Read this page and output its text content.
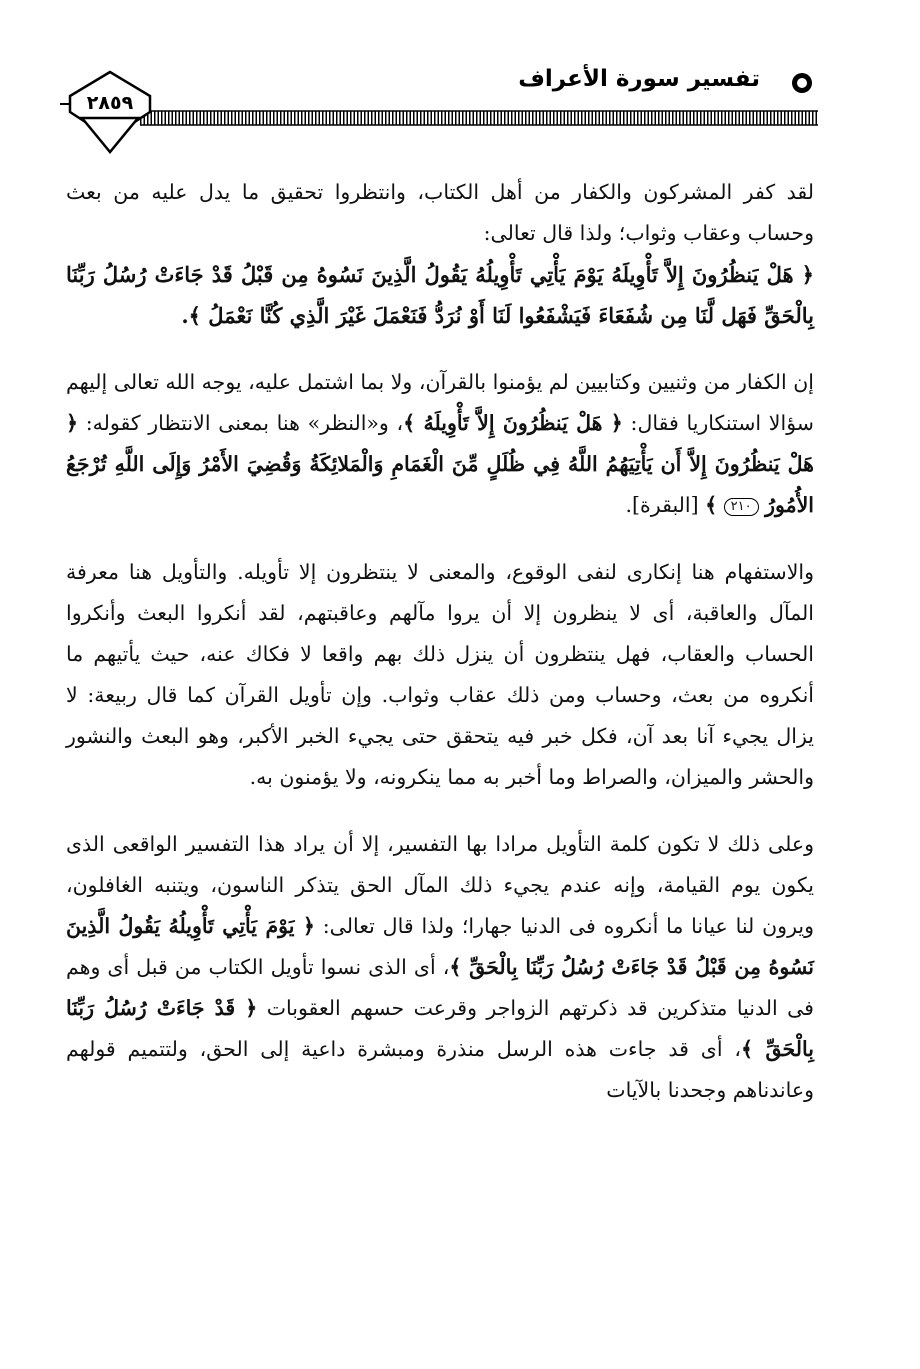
تفسير سورة الأعراف
٢٨٥٩

لقد كفر المشركون والكفار من أهل الكتاب، وانتظروا تحقيق ما يدل عليه من بعث وحساب وعقاب وثواب؛ ولذا قال تعالى:

﴿ هَلْ يَنظُرُونَ إِلاَّ تَأْوِيلَهُ يَوْمَ يَأْتِي تَأْوِيلُهُ يَقُولُ الَّذِينَ نَسُوهُ مِن قَبْلُ قَدْ جَاءَتْ رُسُلُ رَبِّنَا بِالْحَقِّ فَهَل لَّنَا مِن شُفَعَاءَ فَيَشْفَعُوا لَنَا أَوْ نُرَدُّ فَنَعْمَلَ غَيْرَ الَّذِي كُنَّا نَعْمَلُ ﴾.

إن الكفار من وثنيين وكتابيين لم يؤمنوا بالقرآن، ولا بما اشتمل عليه، يوجه الله تعالى إليهم سؤالا استنكاريا فقال: ﴿ هَلْ يَنظُرُونَ إِلاَّ تَأْوِيلَهُ ﴾، و«النظر» هنا بمعنى الانتظار كقوله: ﴿ هَلْ يَنظُرُونَ إِلاَّ أَن يَأْتِيَهُمُ اللَّهُ فِي ظُلَلٍ مِّنَ الْغَمَامِ وَالْمَلائِكَةُ وَقُضِيَ الأَمْرُ وَإِلَى اللَّهِ تُرْجَعُ الأُمُورُ ٢١٠ ﴾ [البقرة].

والاستفهام هنا إنكارى لنفى الوقوع، والمعنى لا ينتظرون إلا تأويله. والتأويل هنا معرفة المآل والعاقبة، أى لا ينظرون إلا أن يروا مآلهم وعاقبتهم، لقد أنكروا البعث وأنكروا الحساب والعقاب، فهل ينتظرون أن ينزل ذلك بهم واقعا لا فكاك عنه، حيث يأتيهم ما أنكروه من بعث، وحساب ومن ذلك عقاب وثواب. وإن تأويل القرآن كما قال ربيعة: لا يزال يجيء آنا بعد آن، فكل خبر فيه يتحقق حتى يجيء الخبر الأكبر، وهو البعث والنشور والحشر والميزان، والصراط وما أخبر به مما ينكرونه، ولا يؤمنون به.

وعلى ذلك لا تكون كلمة التأويل مرادا بها التفسير، إلا أن يراد هذا التفسير الواقعى الذى يكون يوم القيامة، وإنه عندم يجيء ذلك المآل الحق يتذكر الناسون، ويتنبه الغافلون، ويرون لنا عيانا ما أنكروه فى الدنيا جهارا؛ ولذا قال تعالى: ﴿ يَوْمَ يَأْتِي تَأْوِيلُهُ يَقُولُ الَّذِينَ نَسُوهُ مِن قَبْلُ قَدْ جَاءَتْ رُسُلُ رَبِّنَا بِالْحَقِّ ﴾، أى الذى نسوا تأويل الكتاب من قبل أى وهم فى الدنيا متذكرين قد ذكرتهم الزواجر وقرعت حسهم العقوبات ﴿ قَدْ جَاءَتْ رُسُلُ رَبِّنَا بِالْحَقِّ ﴾، أى قد جاءت هذه الرسل منذرة ومبشرة داعية إلى الحق، ولتتميم قولهم وعاندناهم وجحدنا بالآيات
